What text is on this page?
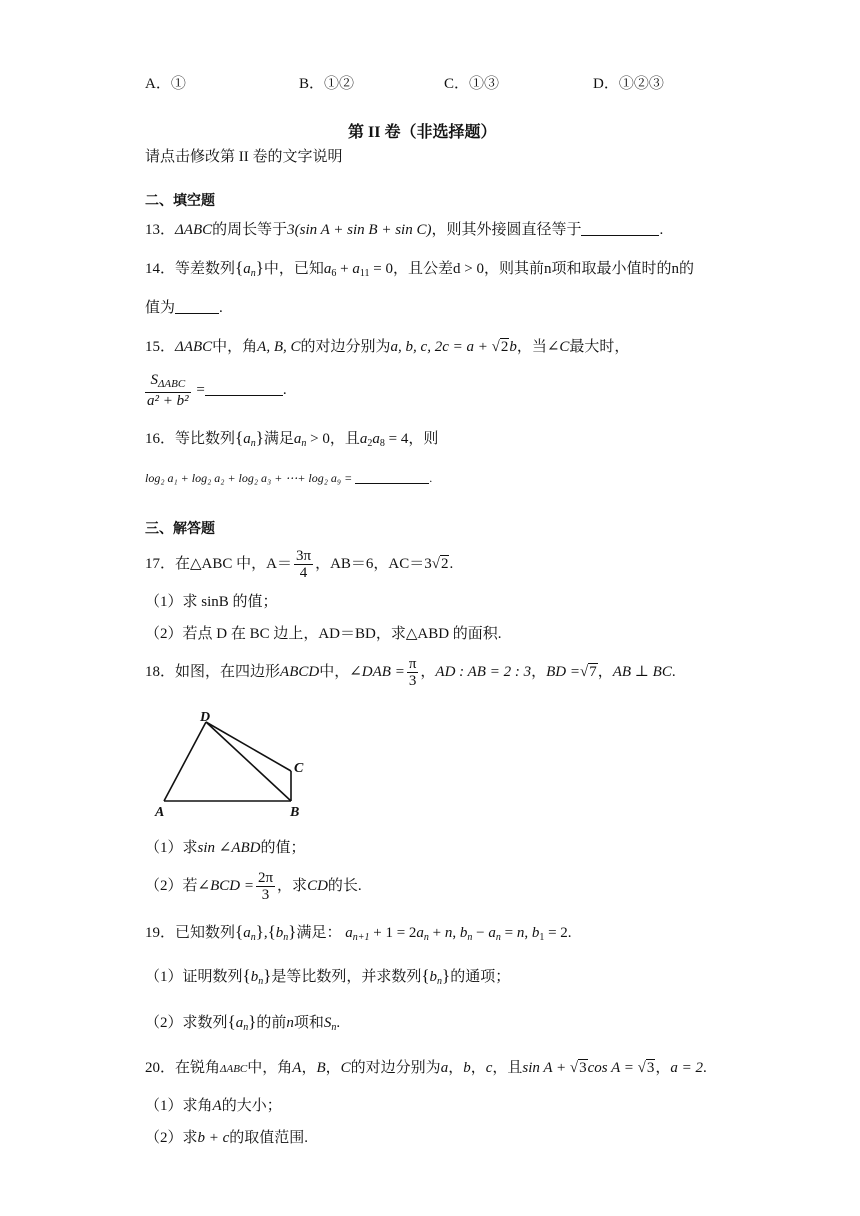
A．①	B．①②	C．①③	D．①②③
第 II 卷（非选择题）
请点击修改第 II 卷的文字说明
二、填空题
13．ΔABC的周长等于3(sin A + sin B + sin C)，则其外接圆直径等于	.
14．等差数列$\{a_n\}$中，已知$a_6 + a_{11} = 0$，且公差d > 0，则其前n项和取最小值时的n的
值为	.
15．ΔABC中，角A, B, C的对边分别为a, b, c, 2c = a + √2b，当∠C最大时，
$\frac{S_{\Delta ABC}}{\text{a² + b²}}$ =	.
16．等比数列$\{a_n\}$满足$a_n > 0$，且$a_2a_8 = 4$，则
log₂ a₁ + log₂ a₂ + log₂ a₃ + ⋯+ log₂ a₉ =	.
三、解答题
17．在△ABC 中，$A= \frac{3\pi}{4}$ ，AB＝6，AC＝3√2.
（1）求 sinB 的值；
（2）若点 D 在 BC 边上，AD＝BD，求△ABD 的面积.
18．如图，在四边形ABCD中，∠DAB = $\frac{\pi}{3}$ ，AD : AB = 2 : 3，BD =√7，AB ⊥ BC.
D
C
A	B
（1）求sin ∠ABD的值；
（2）若∠BCD = $\frac{2\pi}{3}$ ，求CD的长.
19．已知数列$\{a_n\},\{b_n\}$满足： $a_{n+1} + 1 = 2a_n + n$, $b_n - a_n = n$, $b_1 = 2$.
（1）证明数列$\{b_n\}$是等比数列，并求数列$\{b_n\}$的通项；
（2）求数列$\{a_n\}$的前n项和$S_n$.
20．在锐角ΔABC中，角A，B，C的对边分别为a，b，c，且sin A + √3cos A = √3，a = 2.
（1）求角A的大小；
（2）求b + c的取值范围.
